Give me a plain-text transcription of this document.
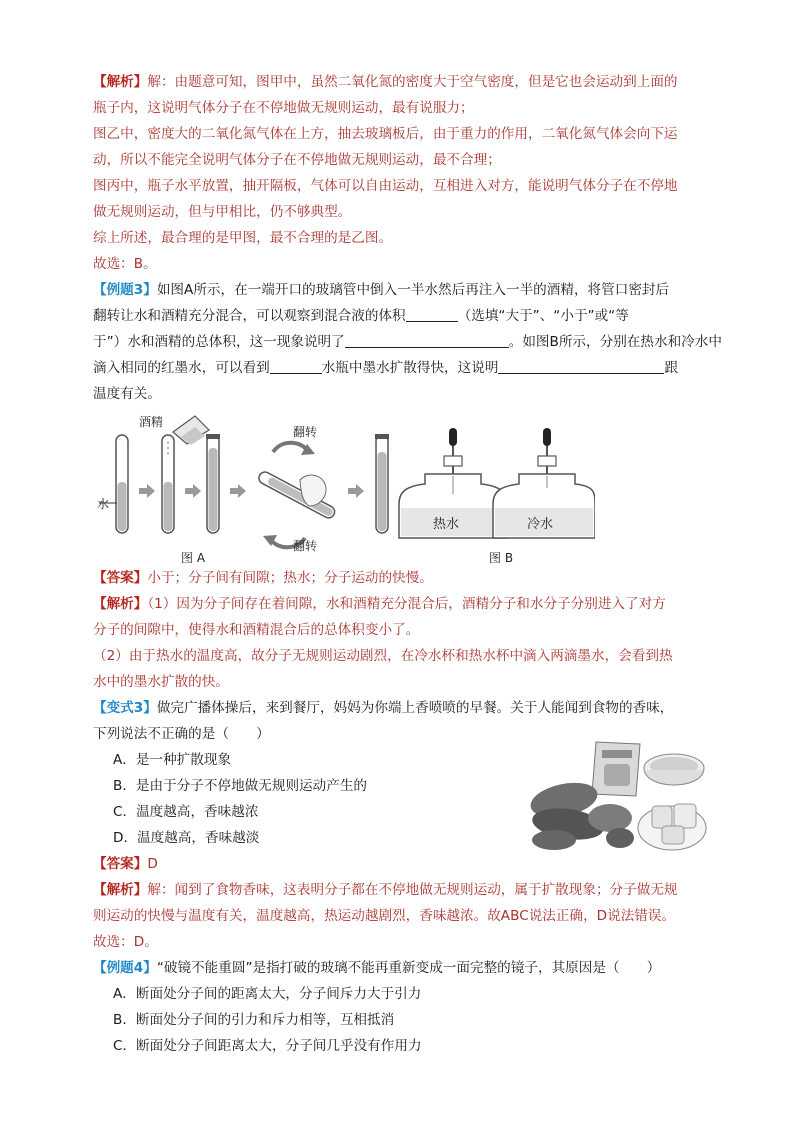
【解析】解：由题意可知，图甲中，虽然二氧化氮的密度大于空气密度，但是它也会运动到上面的
瓶子内，这说明气体分子在不停地做无规则运动，最有说服力；
图乙中，密度大的二氧化氮气体在上方，抽去玻璃板后，由于重力的作用，二氧化氮气体会向下运
动，所以不能完全说明气体分子在不停地做无规则运动，最不合理；
图丙中，瓶子水平放置，抽开隔板，气体可以自由运动，互相进入对方，能说明气体分子在不停地
做无规则运动，但与甲相比，仍不够典型。
综上所述，最合理的是甲图，最不合理的是乙图。
故选：B。
【例题3】如图A所示，在一端开口的玻璃管中倒入一半水然后再注入一半的酒精，将管口密封后
翻转让水和酒精充分混合，可以观察到混合液的体积	（选填“大于”、“小于”或“等
于”）水和酒精的总体积，这一现象说明了	。如图B所示，分别在热水和冷水中
滴入相同的红墨水，可以看到	水瓶中墨水扩散得快，这说明	跟
温度有关。
水
酒精
翻转
翻转
图 A
热水	冷水
图 B
【答案】小于；分子间有间隙；热水；分子运动的快慢。
【解析】（1）因为分子间存在着间隙，水和酒精充分混合后，酒精分子和水分子分别进入了对方
分子的间隙中，使得水和酒精混合后的总体积变小了。
（2）由于热水的温度高，故分子无规则运动剧烈，在冷水杯和热水杯中滴入两滴墨水，会看到热
水中的墨水扩散的快。
【变式3】做完广播体操后，来到餐厅，妈妈为你端上香喷喷的早餐。关于人能闻到食物的香味，
下列说法不正确的是（　　）
A．是一种扩散现象
B．是由于分子不停地做无规则运动产生的
C．温度越高，香味越浓
D．温度越高，香味越淡
【答案】D
【解析】解：闻到了食物香味，这表明分子都在不停地做无规则运动，属于扩散现象；分子做无规
则运动的快慢与温度有关，温度越高，热运动越剧烈，香味越浓。故ABC说法正确，D说法错误。
故选：D。
【例题4】“破镜不能重圆”是指打破的玻璃不能再重新变成一面完整的镜子，其原因是（　　）
A．断面处分子间的距离太大，分子间斥力大于引力
B．断面处分子间的引力和斥力相等，互相抵消
C．断面处分子间距离太大，分子间几乎没有作用力
